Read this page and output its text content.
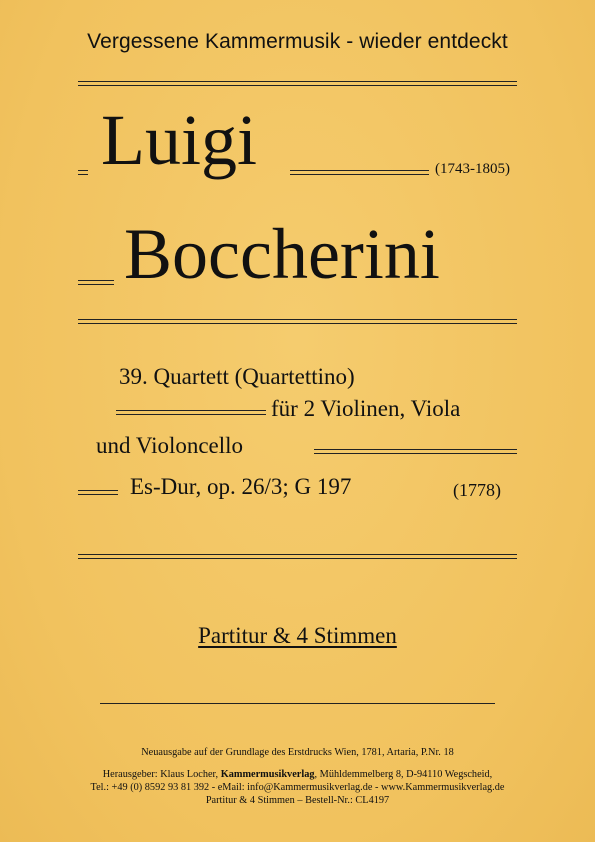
Vergessene Kammermusik - wieder entdeckt
Luigi	(1743-1805)
Boccherini
39. Quartett (Quartettino)
für 2 Violinen, Viola
und Violoncello
Es-Dur, op. 26/3; G 197	(1778)
Partitur & 4 Stimmen
Neuausgabe auf der Grundlage des Erstdrucks Wien, 1781, Artaria, P.Nr. 18
Herausgeber: Klaus Locher, Kammermusikverlag, Mühldemmelberg 8, D-94110 Wegscheid,
Tel.: +49 (0) 8592 93 81 392 - eMail: info@Kammermusikverlag.de - www.Kammermusikverlag.de
Partitur & 4 Stimmen – Bestell-Nr.: CL4197
